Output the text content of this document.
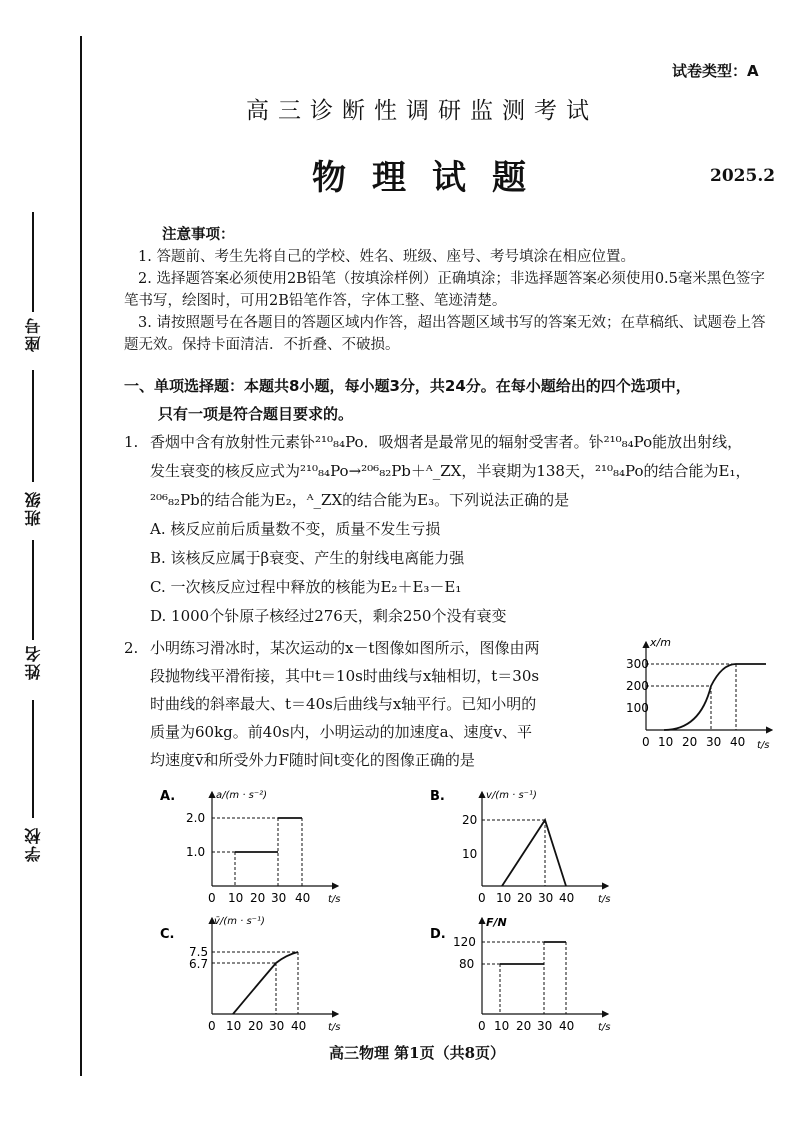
座号
班级
姓名
学校
试卷类型：A
高三诊断性调研监测考试
物理试题	2025.2
注意事项：

1. 答题前、考生先将自己的学校、姓名、班级、座号、考号填涂在相应位置。

2. 选择题答案必须使用2B铅笔（按填涂样例）正确填涂；非选择题答案必须使用0.5毫米黑色签字笔书写，绘图时，可用2B铅笔作答，字体工整、笔迹清楚。

3. 请按照题号在各题目的答题区域内作答，超出答题区域书写的答案无效；在草稿纸、试题卷上答题无效。保持卡面清洁．不折叠、不破损。

一、单项选择题：本题共8小题，每小题3分，共24分。在每小题给出的四个选项中，
只有一项是符合题目要求的。
1. 香烟中含有放射性元素钋²¹⁰₈₄Po．吸烟者是最常见的辐射受害者。钋²¹⁰₈₄Po能放出射线，
发生衰变的核反应式为²¹⁰₈₄Po→²⁰⁶₈₂Pb＋ᴬ_ZX，半衰期为138天，²¹⁰₈₄Po的结合能为E₁，
²⁰⁶₈₂Pb的结合能为E₂，ᴬ_ZX的结合能为E₃。下列说法正确的是
A. 核反应前后质量数不变，质量不发生亏损
B. 该核反应属于β衰变、产生的射线电离能力强
C. 一次核反应过程中释放的核能为E₂＋E₃－E₁
D. 1000个钋原子核经过276天，剩余250个没有衰变
2. 小明练习滑冰时，某次运动的x－t图像如图所示，图像由两
段抛物线平滑衔接，其中t＝10s时曲线与x轴相切，t＝30s
时曲线的斜率最大、t＝40s后曲线与x轴平行。已知小明的
质量为60kg。前40s内，小明运动的加速度a、速度v、平
均速度v̄和所受外力F随时间t变化的图像正确的是
x/m
t/s
300
200
100
0 10 20 30 40
A.	a/(m · s⁻²)
t/s
2.0
1.0
0 10 20 30 40
B.	v/(m · s⁻¹)
t/s
20
10
0 10 20 30 40
C.
v̄/(m · s⁻¹)
t/s
7.5
6.7
0 10 20 30 40
D.
F/N
t/s
120
80
0 10 20 30 40
高三物理 第1页（共8页）
